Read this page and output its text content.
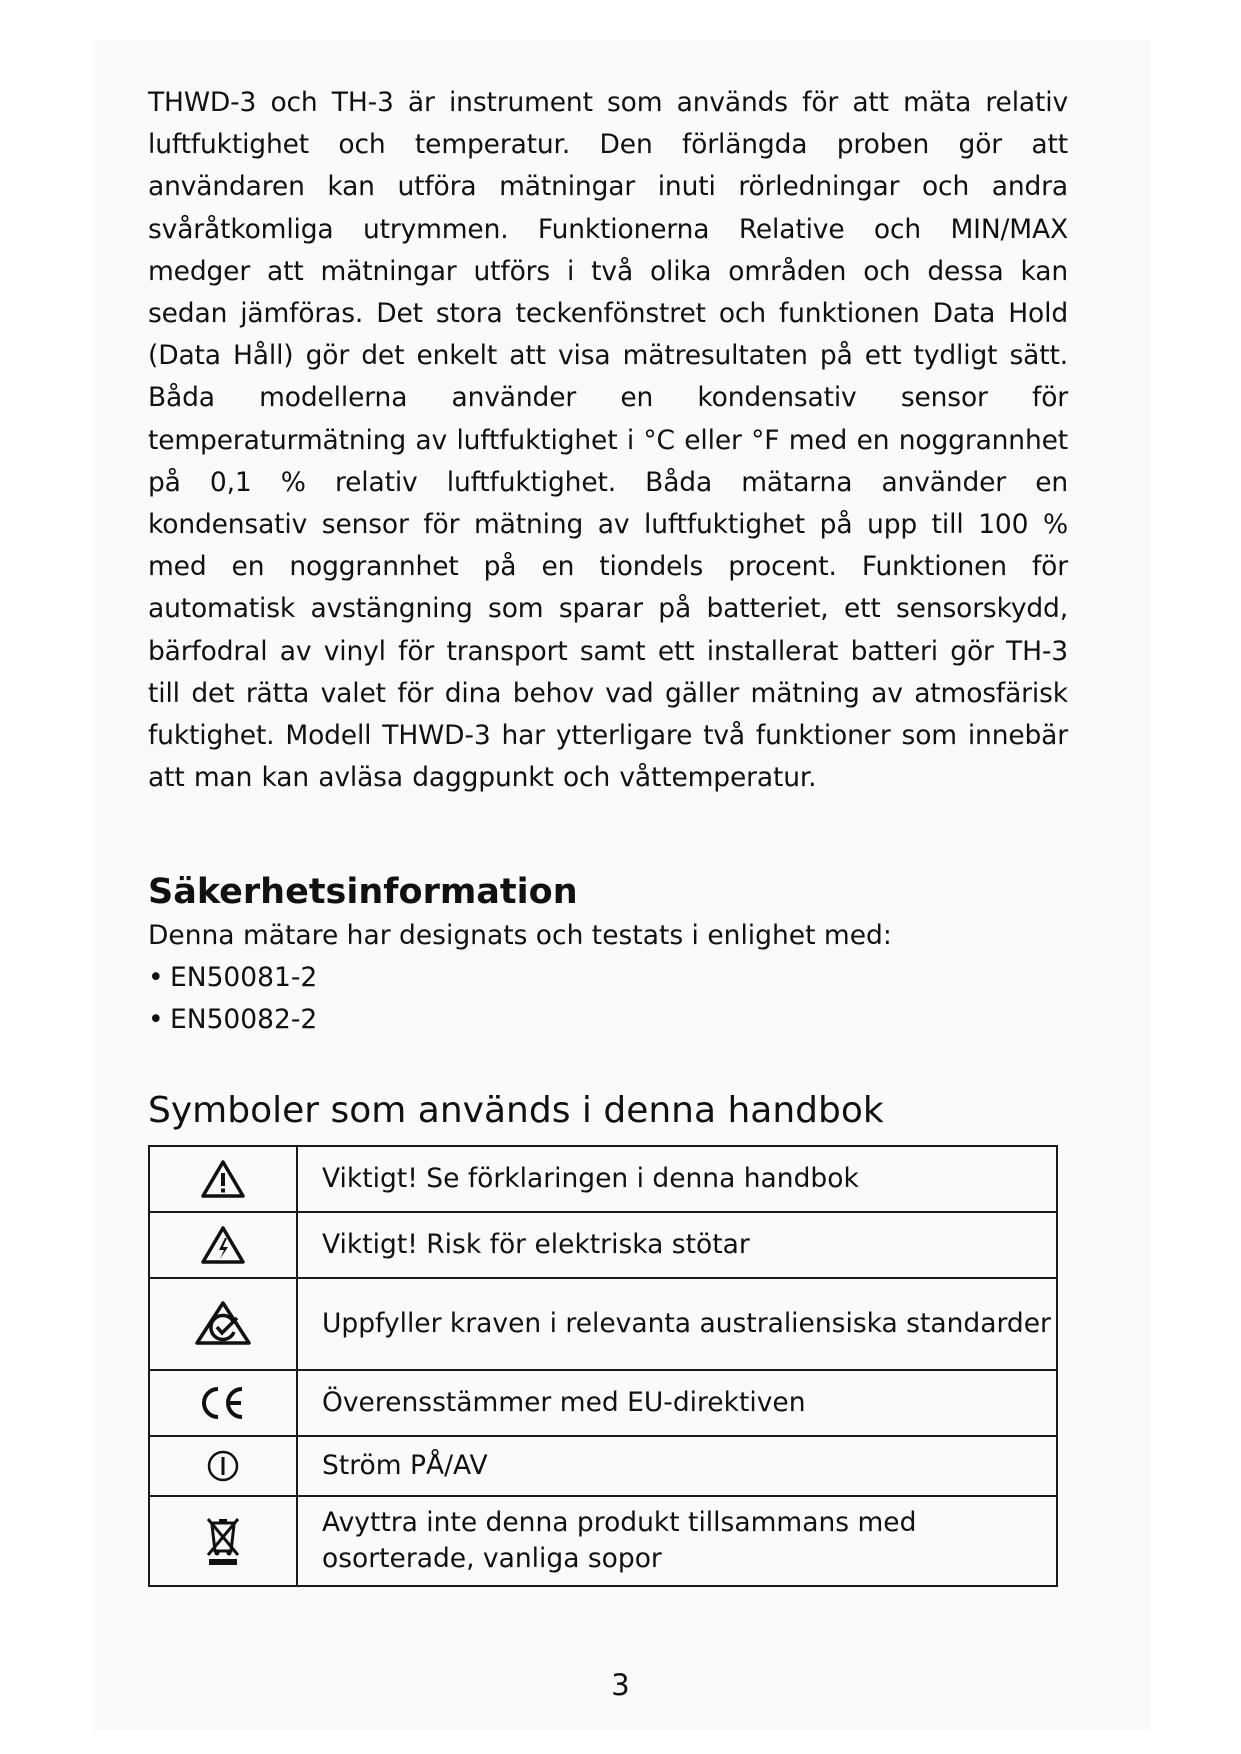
THWD-3 och TH-3 är instrument som används för att mäta relativ luftfuktighet och temperatur. Den förlängda proben gör att användaren kan utföra mätningar inuti rörledningar och andra svåråtkomliga utrymmen. Funktionerna Relative och MIN/MAX medger att mätningar utförs i två olika områden och dessa kan sedan jämföras. Det stora teckenfönstret och funktionen Data Hold (Data Håll) gör det enkelt att visa mätresultaten på ett tydligt sätt. Båda modellerna använder en kondensativ sensor för temperaturmätning av luftfuktighet i °C eller °F med en noggrannhet på 0,1 % relativ luftfuktighet. Båda mätarna använder en kondensativ sensor för mätning av luftfuktighet på upp till 100 % med en noggrannhet på en tiondels procent. Funktionen för automatisk avstängning som sparar på batteriet, ett sensorskydd, bärfodral av vinyl för transport samt ett installerat batteri gör TH-3 till det rätta valet för dina behov vad gäller mätning av atmosfärisk fuktighet. Modell THWD-3 har ytterligare två funktioner som innebär att man kan avläsa daggpunkt och våttemperatur.

Säkerhetsinformation

Denna mätare har designats och testats i enlighet med:

• EN50081-2
• EN50082-2
Symboler som används i denna handbok
	Viktigt! Se förklaringen i denna handbok

	Viktigt! Risk för elektriska stötar

	Uppfyller kraven i relevanta australiensiska standarder

	Överensstämmer med EU-direktiven

	Ström PÅ/AV

	Avyttra inte denna produkt tillsammans med osorterade, vanliga sopor
3
